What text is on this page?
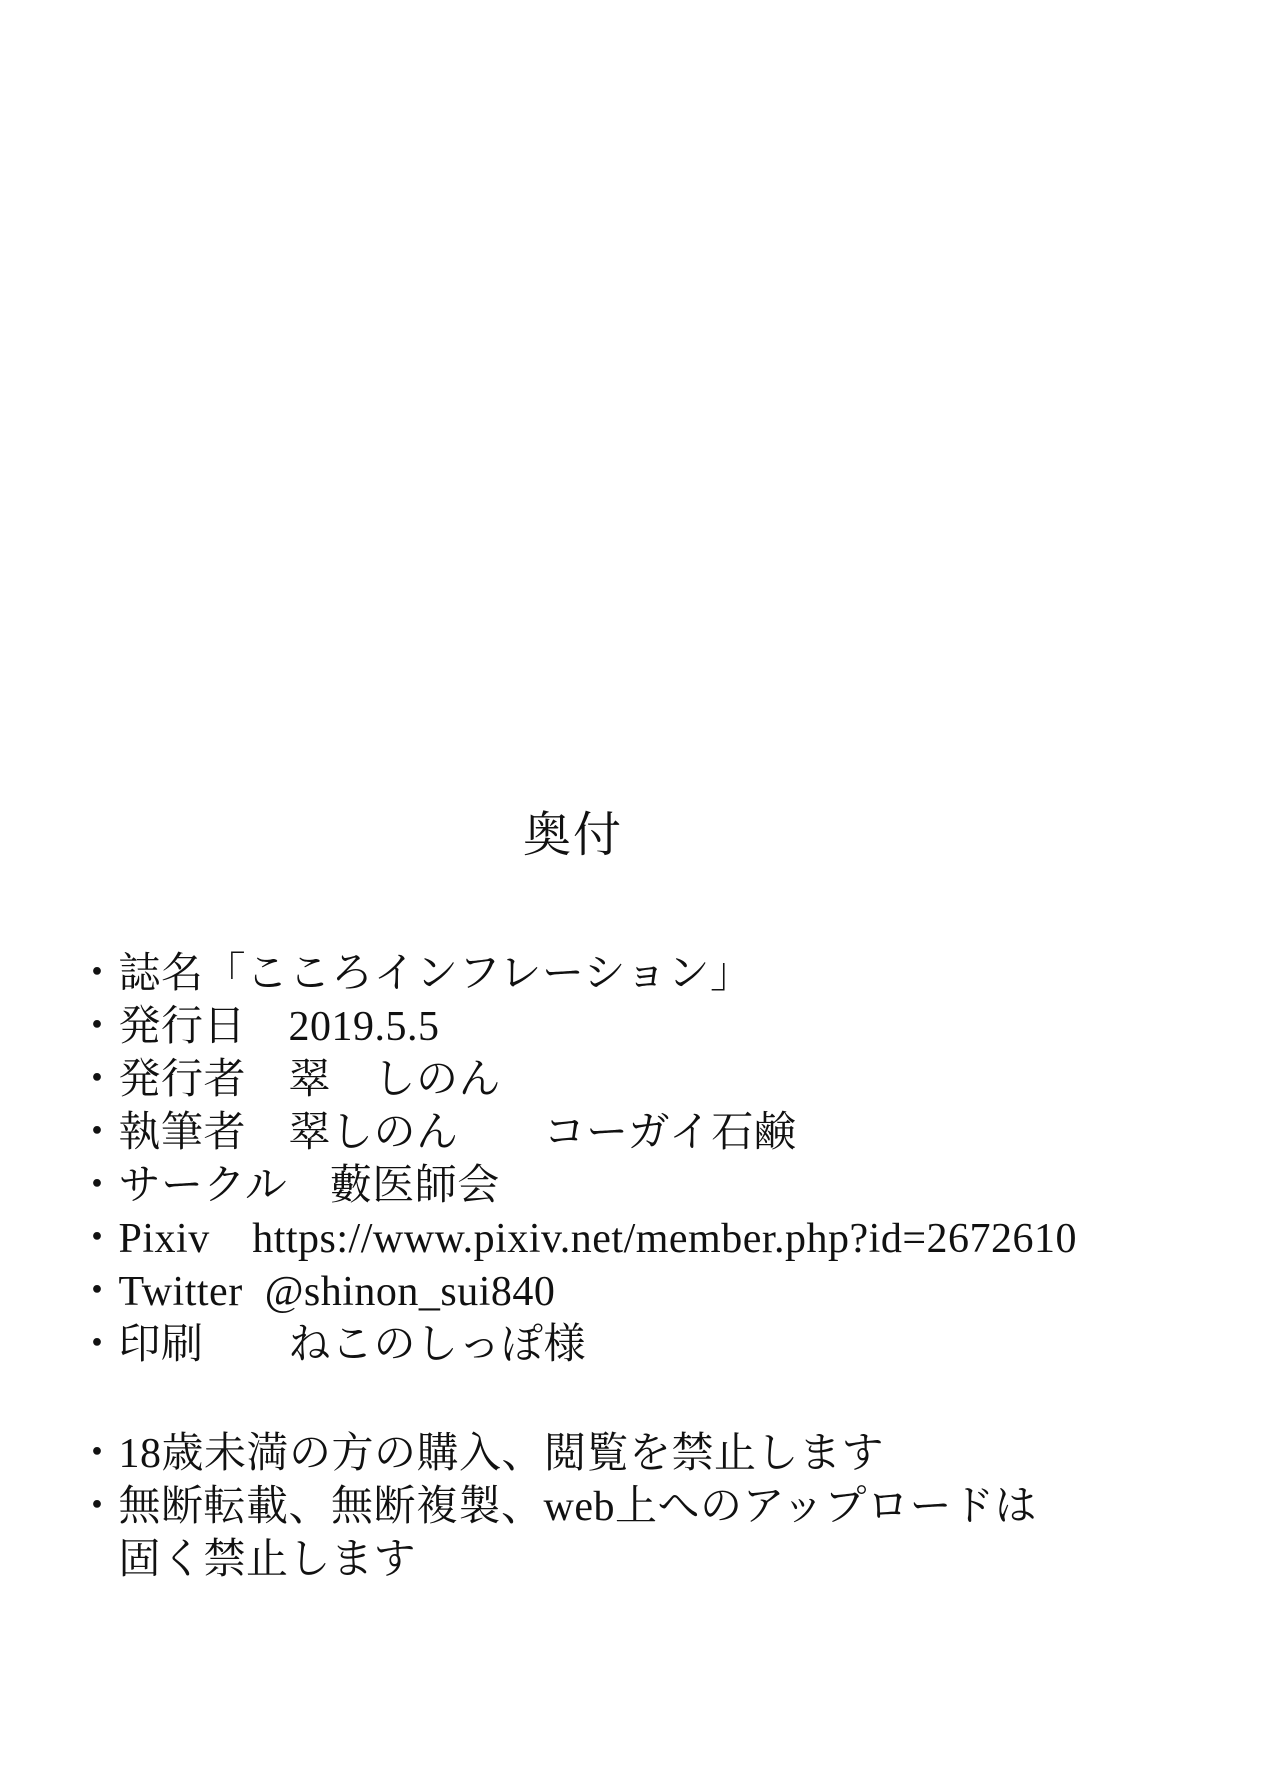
奥付
・誌名「こころインフレーション」
・発行日　2019.5.5
・発行者　翠　しのん
・執筆者　翠しのん　　コーガイ石鹸
・サークル　藪医師会
・Pixiv　https://www.pixiv.net/member.php?id=2672610
・Twitter  @shinon_sui840
・印刷　　ねこのしっぽ様
・18歳未満の方の購入、閲覧を禁止します
・無断転載、無断複製、web上へのアップロードは
　固く禁止します
